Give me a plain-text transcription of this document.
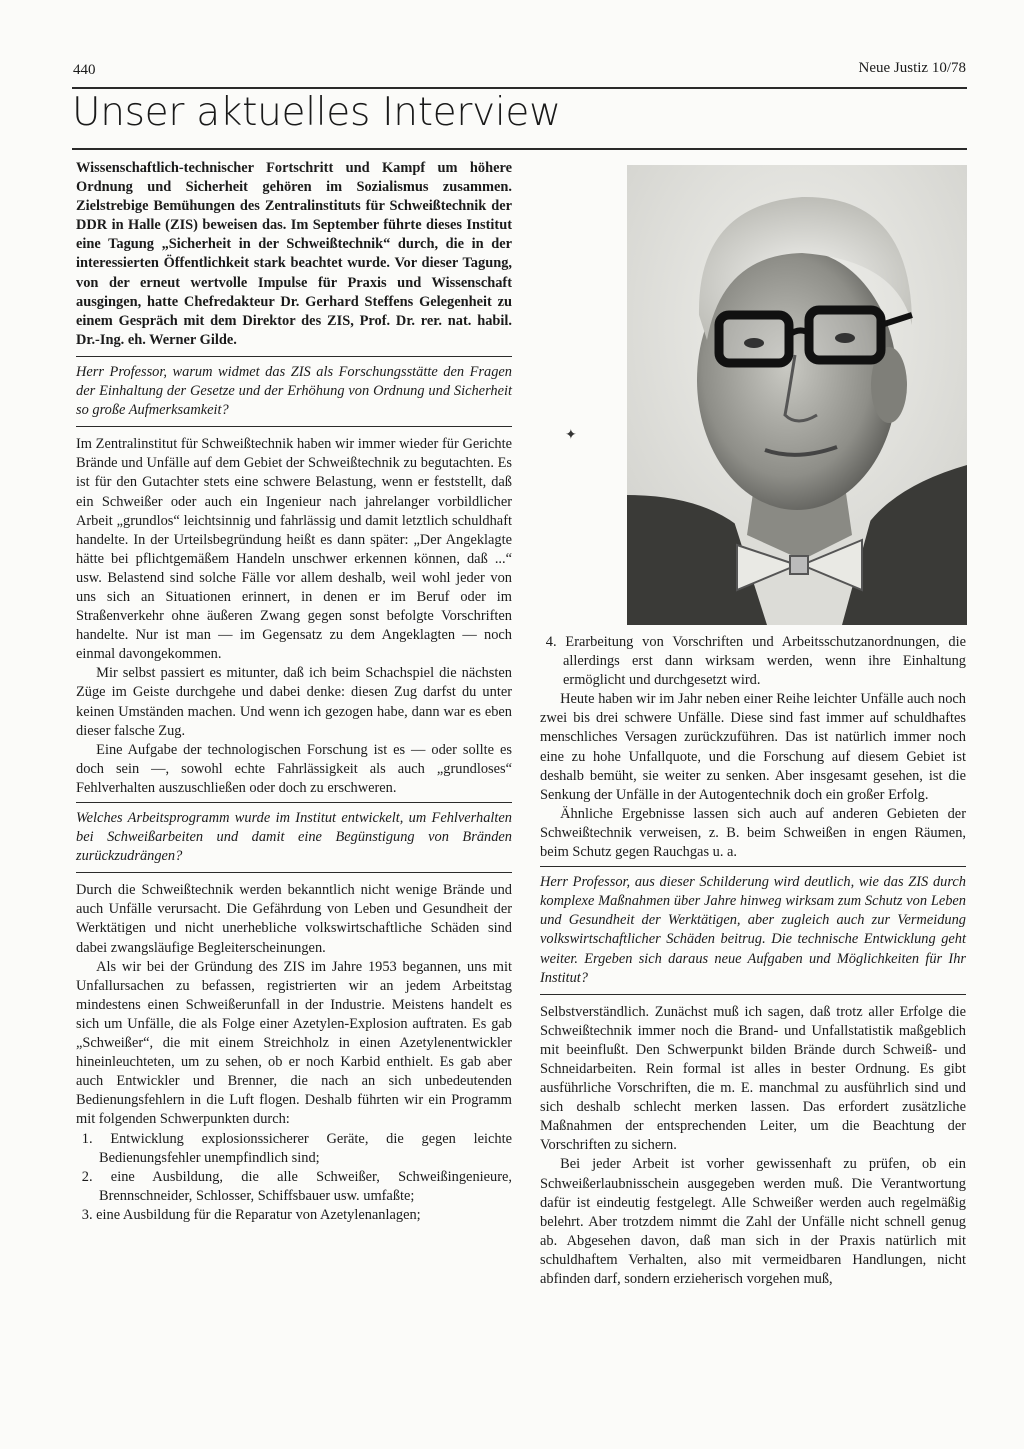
440	Neue Justiz 10/78
Unser aktuelles Interview

Wissenschaftlich-technischer Fortschritt und Kampf um höhere Ordnung und Sicherheit gehören im Sozialismus zusammen. Zielstrebige Bemühungen des Zentralinstituts für Schweißtechnik der DDR in Halle (ZIS) beweisen das. Im September führte dieses Institut eine Tagung „Sicherheit in der Schweißtechnik“ durch, die in der interessierten Öffentlichkeit stark beachtet wurde. Vor dieser Tagung, von der erneut wertvolle Impulse für Praxis und Wissenschaft ausgingen, hatte Chefredakteur Dr. Gerhard Steffens Gelegenheit zu einem Gespräch mit dem Direktor des ZIS, Prof. Dr. rer. nat. habil. Dr.-Ing. eh. Werner Gilde.

Herr Professor, warum widmet das ZIS als Forschungsstätte den Fragen der Einhaltung der Gesetze und der Erhöhung von Ordnung und Sicherheit so große Aufmerksamkeit?

Im Zentralinstitut für Schweißtechnik haben wir immer wieder für Gerichte Brände und Unfälle auf dem Gebiet der Schweißtechnik zu begutachten. Es ist für den Gutachter stets eine schwere Belastung, wenn er feststellt, daß ein Schweißer oder auch ein Ingenieur nach jahrelanger vorbildlicher Arbeit „grundlos“ leichtsinnig und fahrlässig und damit letztlich schuldhaft handelte. In der Urteilsbegründung heißt es dann später: „Der Angeklagte hätte bei pflichtgemäßem Handeln unschwer erkennen können, daß ...“ usw. Belastend sind solche Fälle vor allem deshalb, weil wohl jeder von uns sich an Situationen erinnert, in denen er im Beruf oder im Straßenverkehr ohne äußeren Zwang gegen sonst befolgte Vorschriften handelte. Nur ist man — im Gegensatz zu dem Angeklagten — noch einmal davongekommen.

Mir selbst passiert es mitunter, daß ich beim Schachspiel die nächsten Züge im Geiste durchgehe und dabei denke: diesen Zug darfst du unter keinen Umständen machen. Und wenn ich gezogen habe, dann war es eben dieser falsche Zug.

Eine Aufgabe der technologischen Forschung ist es — oder sollte es doch sein —, sowohl echte Fahrlässigkeit als auch „grundloses“ Fehlverhalten auszuschließen oder doch zu erschweren.

Welches Arbeitsprogramm wurde im Institut entwickelt, um Fehlverhalten bei Schweißarbeiten und damit eine Begünstigung von Bränden zurückzudrängen?

Durch die Schweißtechnik werden bekanntlich nicht wenige Brände und auch Unfälle verursacht. Die Gefährdung von Leben und Gesundheit der Werktätigen und nicht unerhebliche volkswirtschaftliche Schäden sind dabei zwangsläufige Begleiterscheinungen.

Als wir bei der Gründung des ZIS im Jahre 1953 begannen, uns mit Unfallursachen zu befassen, registrierten wir an jedem Arbeitstag mindestens einen Schweißerunfall in der Industrie. Meistens handelt es sich um Unfälle, die als Folge einer Azetylen-Explosion auftraten. Es gab „Schweißer“, die mit einem Streichholz in einen Azetylenentwickler hineinleuchteten, um zu sehen, ob er noch Karbid enthielt. Es gab aber auch Entwickler und Brenner, die nach an sich unbedeutenden Bedienungsfehlern in die Luft flogen. Deshalb führten wir ein Programm mit folgenden Schwerpunkten durch:

1. Entwicklung explosionssicherer Geräte, die gegen leichte Bedienungsfehler unempfindlich sind;

2. eine Ausbildung, die alle Schweißer, Schweißingenieure, Brennschneider, Schlosser, Schiffsbauer usw. umfaßte;

3. eine Ausbildung für die Reparatur von Azetylenanlagen;

✦

4. Erarbeitung von Vorschriften und Arbeitsschutzanordnungen, die allerdings erst dann wirksam werden, wenn ihre Einhaltung ermöglicht und durchgesetzt wird.

Heute haben wir im Jahr neben einer Reihe leichter Unfälle auch noch zwei bis drei schwere Unfälle. Diese sind fast immer auf schuldhaftes menschliches Versagen zurückzuführen. Das ist natürlich immer noch eine zu hohe Unfallquote, und die Forschung auf diesem Gebiet ist deshalb bemüht, sie weiter zu senken. Aber insgesamt gesehen, ist die Senkung der Unfälle in der Autogentechnik doch ein großer Erfolg.

Ähnliche Ergebnisse lassen sich auch auf anderen Gebieten der Schweißtechnik verweisen, z. B. beim Schweißen in engen Räumen, beim Schutz gegen Rauchgas u. a.

Herr Professor, aus dieser Schilderung wird deutlich, wie das ZIS durch komplexe Maßnahmen über Jahre hinweg wirksam zum Schutz von Leben und Gesundheit der Werktätigen, aber zugleich auch zur Vermeidung volkswirtschaftlicher Schäden beitrug. Die technische Entwicklung geht weiter. Ergeben sich daraus neue Aufgaben und Möglichkeiten für Ihr Institut?

Selbstverständlich. Zunächst muß ich sagen, daß trotz aller Erfolge die Schweißtechnik immer noch die Brand- und Unfallstatistik maßgeblich mit beeinflußt. Den Schwerpunkt bilden Brände durch Schweiß- und Schneidarbeiten. Rein formal ist alles in bester Ordnung. Es gibt ausführliche Vorschriften, die m. E. manchmal zu ausführlich sind und sich deshalb schlecht merken lassen. Das erfordert zusätzliche Maßnahmen der entsprechenden Leiter, um die Beachtung der Vorschriften zu sichern.

Bei jeder Arbeit ist vorher gewissenhaft zu prüfen, ob ein Schweißerlaubnisschein ausgegeben werden muß. Die Verantwortung dafür ist eindeutig festgelegt. Alle Schweißer werden auch regelmäßig belehrt. Aber trotzdem nimmt die Zahl der Unfälle nicht schnell genug ab. Abgesehen davon, daß man sich in der Praxis natürlich mit schuldhaftem Verhalten, also mit vermeidbaren Handlungen, nicht abfinden darf, sondern erzieherisch vorgehen muß,
